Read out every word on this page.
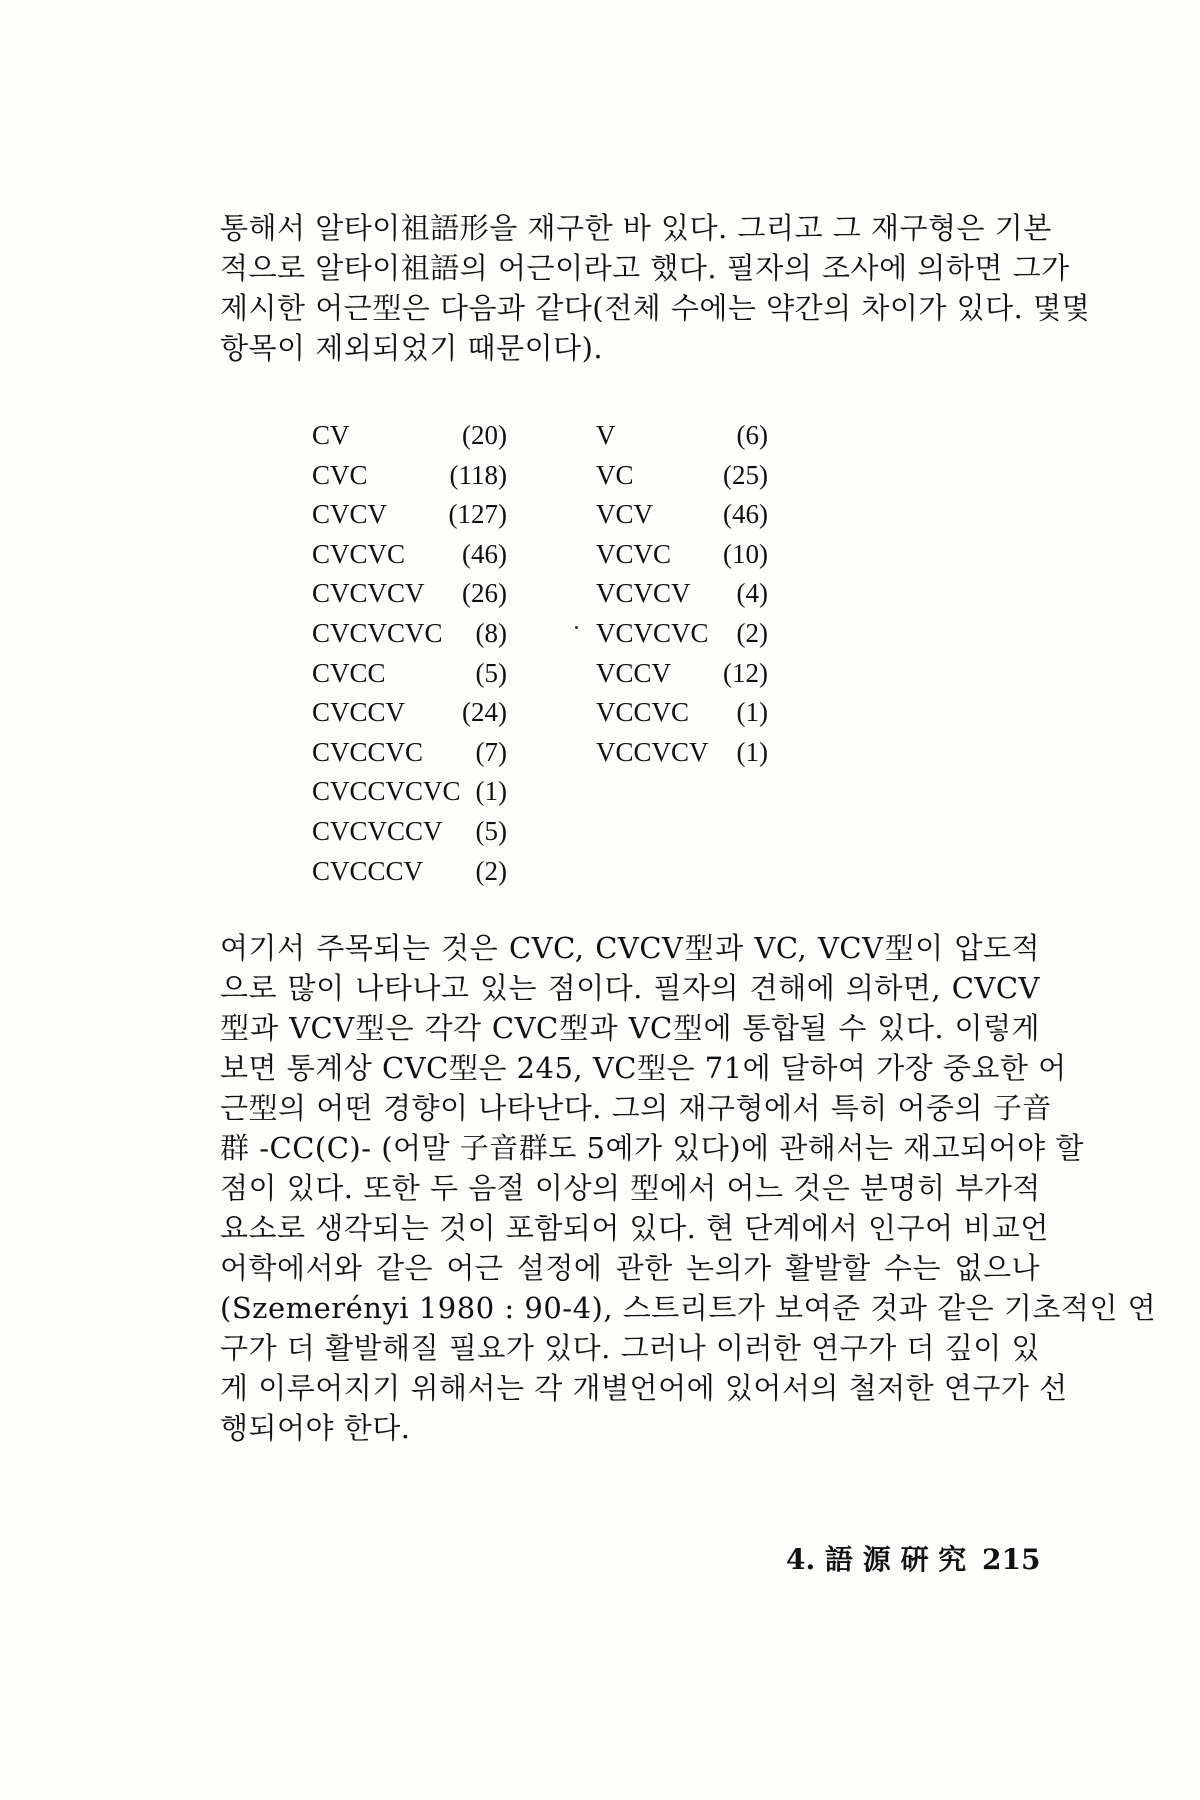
통해서 알타이祖語形을 재구한 바 있다. 그리고 그 재구형은 기본
적으로 알타이祖語의 어근이라고 했다. 필자의 조사에 의하면 그가
제시한 어근型은 다음과 같다(전체 수에는 약간의 차이가 있다. 몇몇
항목이 제외되었기 때문이다).

CV	(20)
CVC	(118)
CVCV (127)
CVCVC (46)
CVCVCV (26)
CVCVCVC (8)
CVCC	(5)
CVCCV (24)
CVCCVC (7)
CVCCVCVC (1)
CVCVCCV (5)
CVCCCV (2)
V	(6)
VC	(25)
VCV	(46)
VCVC (10)
VCVCV (4)
VCVCVC (2)
VCCV (12)
VCCVC (1)
VCCVCV (1)

여기서 주목되는 것은 CVC, CVCV型과 VC, VCV型이 압도적
으로 많이 나타나고 있는 점이다. 필자의 견해에 의하면, CVCV
型과 VCV型은 각각 CVC型과 VC型에 통합될 수 있다. 이렇게
보면 통계상 CVC型은 245, VC型은 71에 달하여 가장 중요한 어
근型의 어떤 경향이 나타난다. 그의 재구형에서 특히 어중의 子音
群 -CC(C)- (어말 子音群도 5예가 있다)에 관해서는 재고되어야 할
점이 있다. 또한 두 음절 이상의 型에서 어느 것은 분명히 부가적
요소로 생각되는 것이 포함되어 있다. 현 단계에서 인구어 비교언
어학에서와 같은 어근 설정에 관한 논의가 활발할 수는 없으나
(Szemerényi 1980 : 90-4), 스트리트가 보여준 것과 같은 기초적인 연
구가 더 활발해질 필요가 있다. 그러나 이러한 연구가 더 깊이 있
게 이루어지기 위해서는 각 개별언어에 있어서의 철저한 연구가 선
행되어야 한다.

4. 語 源 硏 究 215
